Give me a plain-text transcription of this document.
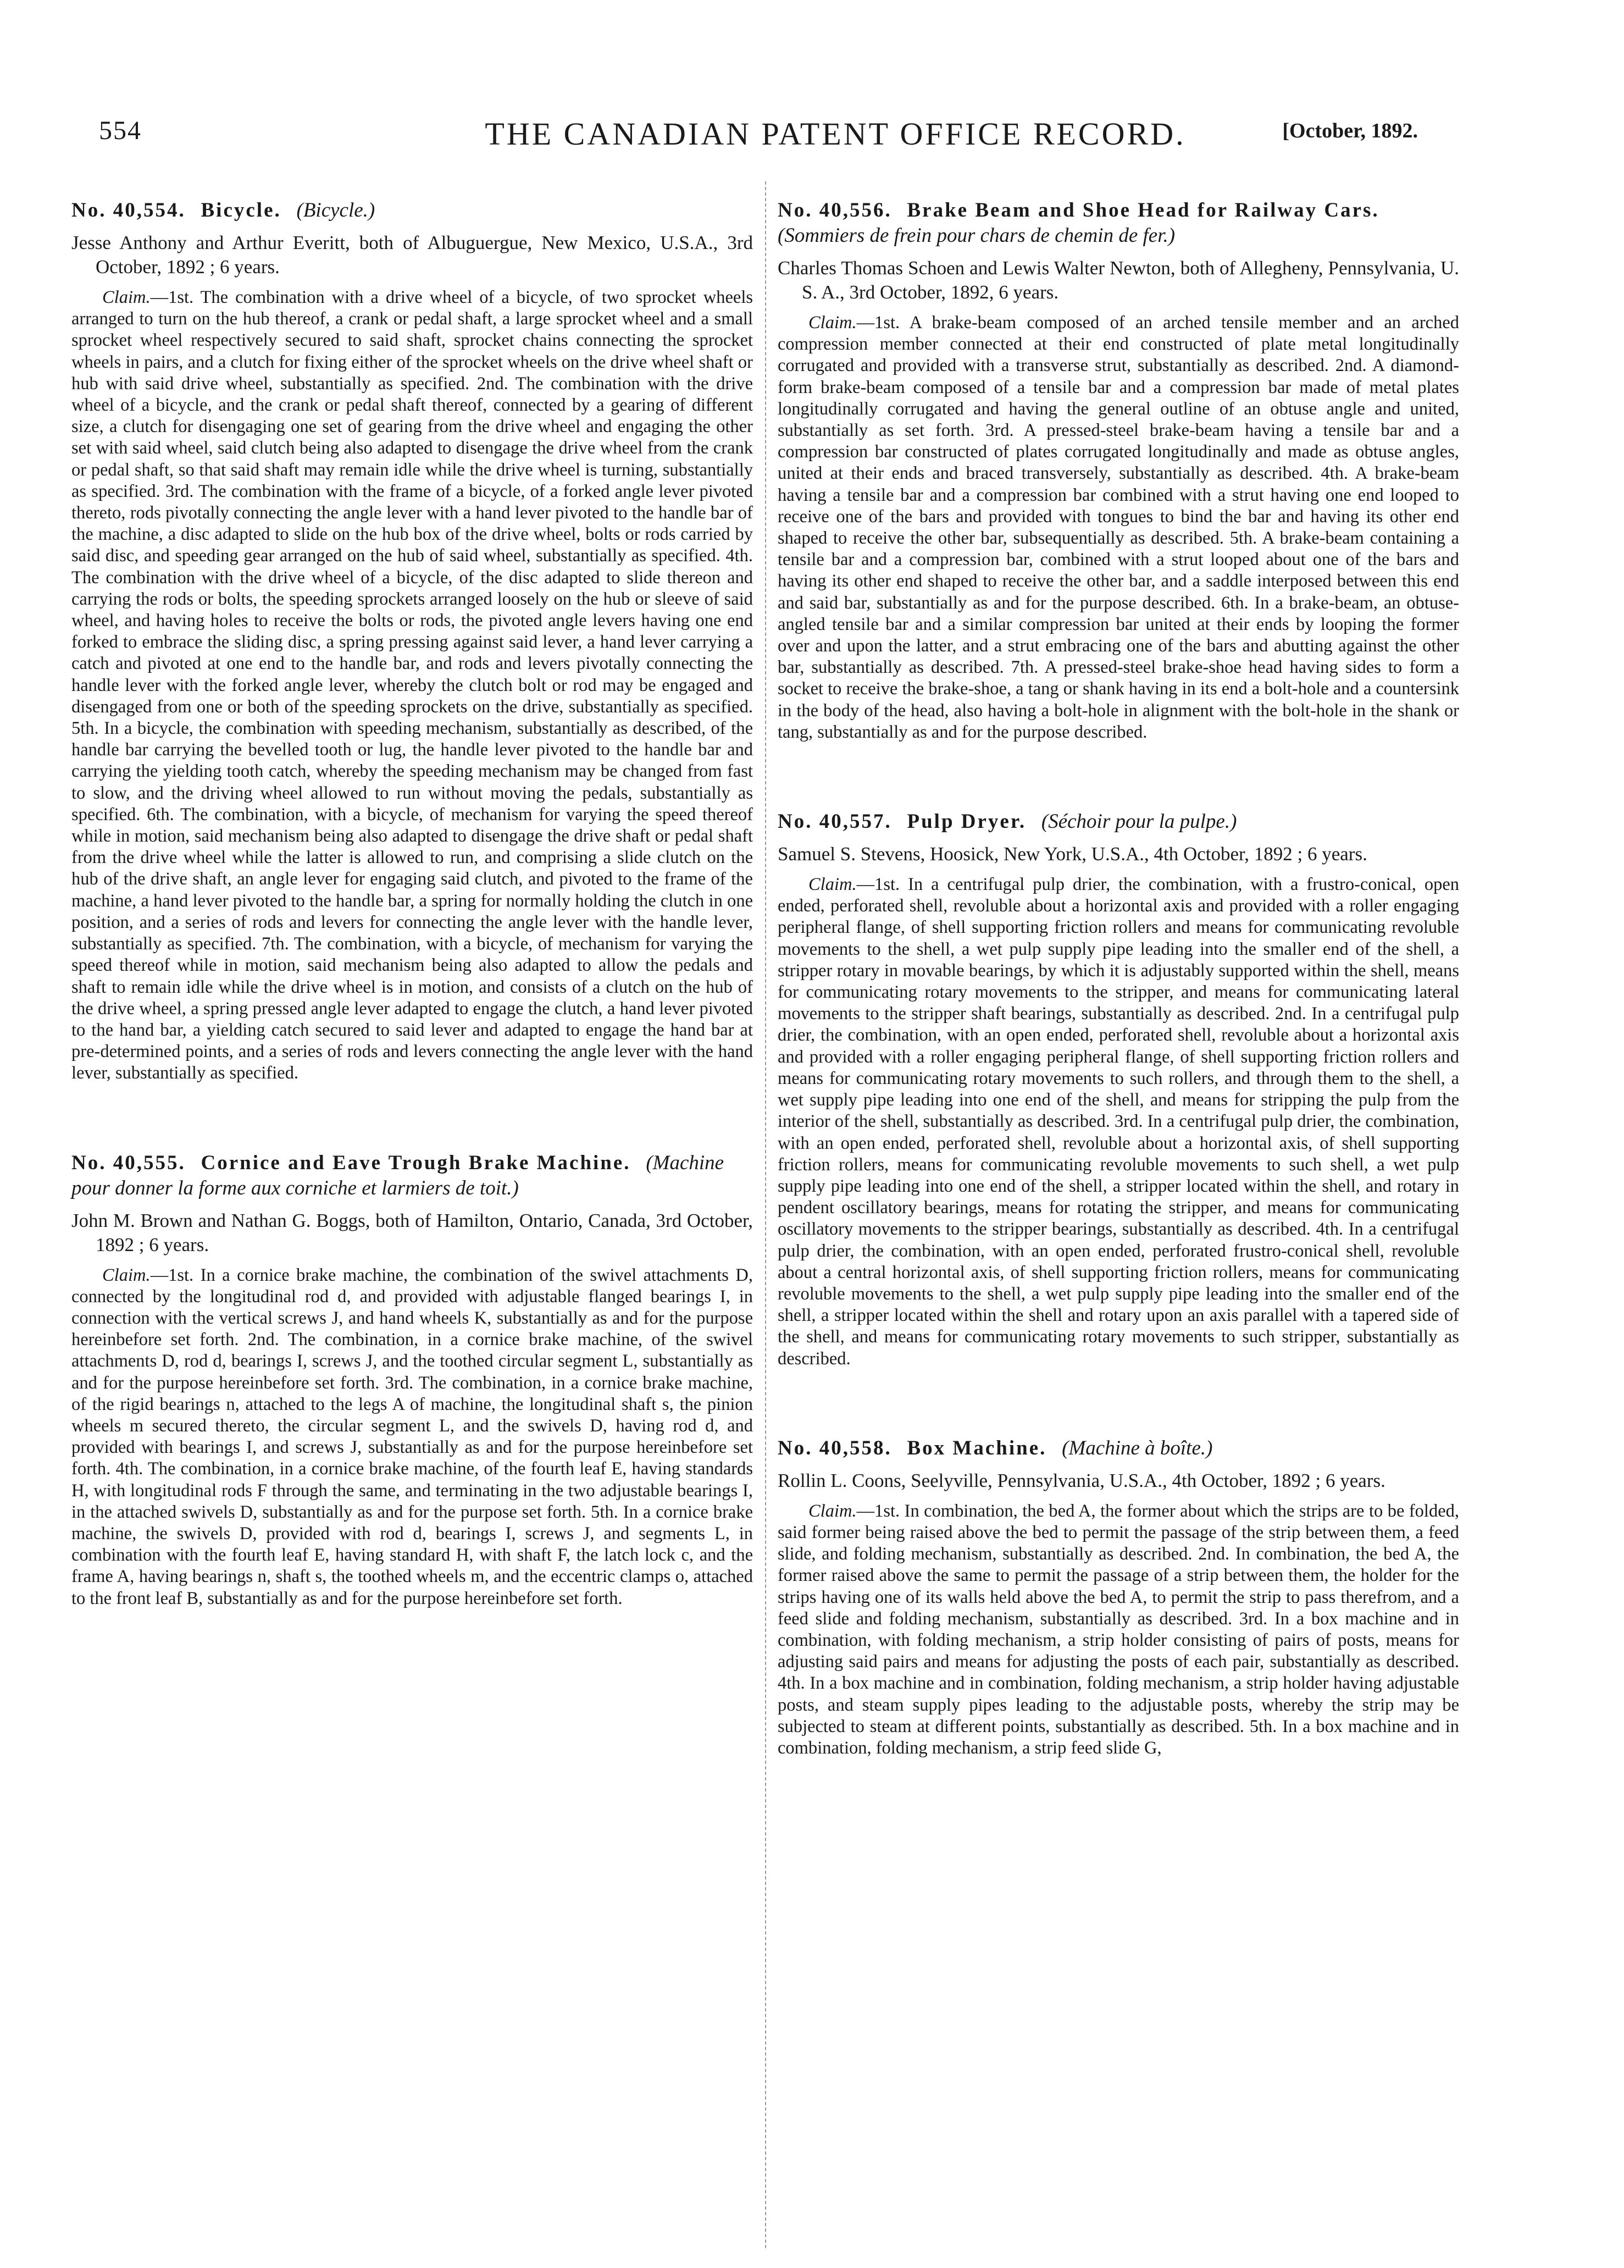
554	THE CANADIAN PATENT OFFICE RECORD.	[October, 1892.

No. 40,554. Bicycle. (Bicycle.)

Jesse Anthony and Arthur Everitt, both of Albuguergue, New Mexico, U.S.A., 3rd October, 1892 ; 6 years.

Claim.—1st. The combination with a drive wheel of a bicycle, of two sprocket wheels arranged to turn on the hub thereof, a crank or pedal shaft, a large sprocket wheel and a small sprocket wheel respectively secured to said shaft, sprocket chains connecting the sprocket wheels in pairs, and a clutch for fixing either of the sprocket wheels on the drive wheel shaft or hub with said drive wheel, substantially as specified. 2nd. The combination with the drive wheel of a bicycle, and the crank or pedal shaft thereof, connected by a gearing of different size, a clutch for disengaging one set of gearing from the drive wheel and engaging the other set with said wheel, said clutch being also adapted to disengage the drive wheel from the crank or pedal shaft, so that said shaft may remain idle while the drive wheel is turning, substantially as specified. 3rd. The combination with the frame of a bicycle, of a forked angle lever pivoted thereto, rods pivotally connecting the angle lever with a hand lever pivoted to the handle bar of the machine, a disc adapted to slide on the hub box of the drive wheel, bolts or rods carried by said disc, and speeding gear arranged on the hub of said wheel, substantially as specified. 4th. The combination with the drive wheel of a bicycle, of the disc adapted to slide thereon and carrying the rods or bolts, the speeding sprockets arranged loosely on the hub or sleeve of said wheel, and having holes to receive the bolts or rods, the pivoted angle levers having one end forked to embrace the sliding disc, a spring pressing against said lever, a hand lever carrying a catch and pivoted at one end to the handle bar, and rods and levers pivotally connecting the handle lever with the forked angle lever, whereby the clutch bolt or rod may be engaged and disengaged from one or both of the speeding sprockets on the drive, substantially as specified. 5th. In a bicycle, the combination with speeding mechanism, substantially as described, of the handle bar carrying the bevelled tooth or lug, the handle lever pivoted to the handle bar and carrying the yielding tooth catch, whereby the speeding mechanism may be changed from fast to slow, and the driving wheel allowed to run without moving the pedals, substantially as specified. 6th. The combination, with a bicycle, of mechanism for varying the speed thereof while in motion, said mechanism being also adapted to disengage the drive shaft or pedal shaft from the drive wheel while the latter is allowed to run, and comprising a slide clutch on the hub of the drive shaft, an angle lever for engaging said clutch, and pivoted to the frame of the machine, a hand lever pivoted to the handle bar, a spring for normally holding the clutch in one position, and a series of rods and levers for connecting the angle lever with the handle lever, substantially as specified. 7th. The combination, with a bicycle, of mechanism for varying the speed thereof while in motion, said mechanism being also adapted to allow the pedals and shaft to remain idle while the drive wheel is in motion, and consists of a clutch on the hub of the drive wheel, a spring pressed angle lever adapted to engage the clutch, a hand lever pivoted to the hand bar, a yielding catch secured to said lever and adapted to engage the hand bar at pre-determined points, and a series of rods and levers connecting the angle lever with the hand lever, substantially as specified.

No. 40,555. Cornice and Eave Trough Brake Machine. (Machine pour donner la forme aux corniche et larmiers de toit.)

John M. Brown and Nathan G. Boggs, both of Hamilton, Ontario, Canada, 3rd October, 1892 ; 6 years.

Claim.—1st. In a cornice brake machine, the combination of the swivel attachments D, connected by the longitudinal rod d, and provided with adjustable flanged bearings I, in connection with the vertical screws J, and hand wheels K, substantially as and for the purpose hereinbefore set forth. 2nd. The combination, in a cornice brake machine, of the swivel attachments D, rod d, bearings I, screws J, and the toothed circular segment L, substantially as and for the purpose hereinbefore set forth. 3rd. The combination, in a cornice brake machine, of the rigid bearings n, attached to the legs A of machine, the longitudinal shaft s, the pinion wheels m secured thereto, the circular segment L, and the swivels D, having rod d, and provided with bearings I, and screws J, substantially as and for the purpose hereinbefore set forth. 4th. The combination, in a cornice brake machine, of the fourth leaf E, having standards H, with longitudinal rods F through the same, and terminating in the two adjustable bearings I, in the attached swivels D, substantially as and for the purpose set forth. 5th. In a cornice brake machine, the swivels D, provided with rod d, bearings I, screws J, and segments L, in combination with the fourth leaf E, having standard H, with shaft F, the latch lock c, and the frame A, having bearings n, shaft s, the toothed wheels m, and the eccentric clamps o, attached to the front leaf B, substantially as and for the purpose hereinbefore set forth.

No. 40,556. Brake Beam and Shoe Head for Railway Cars.   (Sommiers de frein pour chars de chemin de fer.)

Charles Thomas Schoen and Lewis Walter Newton, both of Allegheny, Pennsylvania, U. S. A., 3rd October, 1892, 6 years.

Claim.—1st. A brake-beam composed of an arched tensile member and an arched compression member connected at their end constructed of plate metal longitudinally corrugated and provided with a transverse strut, substantially as described. 2nd. A diamond-form brake-beam composed of a tensile bar and a compression bar made of metal plates longitudinally corrugated and having the general outline of an obtuse angle and united, substantially as set forth. 3rd. A pressed-steel brake-beam having a tensile bar and a compression bar constructed of plates corrugated longitudinally and made as obtuse angles, united at their ends and braced transversely, substantially as described. 4th. A brake-beam having a tensile bar and a compression bar combined with a strut having one end looped to receive one of the bars and provided with tongues to bind the bar and having its other end shaped to receive the other bar, subsequentially as described. 5th. A brake-beam containing a tensile bar and a compression bar, combined with a strut looped about one of the bars and having its other end shaped to receive the other bar, and a saddle interposed between this end and said bar, substantially as and for the purpose described. 6th. In a brake-beam, an obtuse-angled tensile bar and a similar compression bar united at their ends by looping the former over and upon the latter, and a strut embracing one of the bars and abutting against the other bar, substantially as described. 7th. A pressed-steel brake-shoe head having sides to form a socket to receive the brake-shoe, a tang or shank having in its end a bolt-hole and a countersink in the body of the head, also having a bolt-hole in alignment with the bolt-hole in the shank or tang, substantially as and for the purpose described.

No. 40,557. Pulp Dryer. (Séchoir pour la pulpe.)

Samuel S. Stevens, Hoosick, New York, U.S.A., 4th October, 1892 ; 6 years.

Claim.—1st. In a centrifugal pulp drier, the combination, with a frustro-conical, open ended, perforated shell, revoluble about a horizontal axis and provided with a roller engaging peripheral flange, of shell supporting friction rollers and means for communicating revoluble movements to the shell, a wet pulp supply pipe leading into the smaller end of the shell, a stripper rotary in movable bearings, by which it is adjustably supported within the shell, means for communicating rotary movements to the stripper, and means for communicating lateral movements to the stripper shaft bearings, substantially as described. 2nd. In a centrifugal pulp drier, the combination, with an open ended, perforated shell, revoluble about a horizontal axis and provided with a roller engaging peripheral flange, of shell supporting friction rollers and means for communicating rotary movements to such rollers, and through them to the shell, a wet supply pipe leading into one end of the shell, and means for stripping the pulp from the interior of the shell, substantially as described. 3rd. In a centrifugal pulp drier, the combination, with an open ended, perforated shell, revoluble about a horizontal axis, of shell supporting friction rollers, means for communicating revoluble movements to such shell, a wet pulp supply pipe leading into one end of the shell, a stripper located within the shell, and rotary in pendent oscillatory bearings, means for rotating the stripper, and means for communicating oscillatory movements to the stripper bearings, substantially as described. 4th. In a centrifugal pulp drier, the combination, with an open ended, perforated frustro-conical shell, revoluble about a central horizontal axis, of shell supporting friction rollers, means for communicating revoluble movements to the shell, a wet pulp supply pipe leading into the smaller end of the shell, a stripper located within the shell and rotary upon an axis parallel with a tapered side of the shell, and means for communicating rotary movements to such stripper, substantially as described.

No. 40,558. Box Machine. (Machine à boîte.)

Rollin L. Coons, Seelyville, Pennsylvania, U.S.A., 4th October, 1892 ; 6 years.

Claim.—1st. In combination, the bed A, the former about which the strips are to be folded, said former being raised above the bed to permit the passage of the strip between them, a feed slide, and folding mechanism, substantially as described. 2nd. In combination, the bed A, the former raised above the same to permit the passage of a strip between them, the holder for the strips having one of its walls held above the bed A, to permit the strip to pass therefrom, and a feed slide and folding mechanism, substantially as described. 3rd. In a box machine and in combination, with folding mechanism, a strip holder consisting of pairs of posts, means for adjusting said pairs and means for adjusting the posts of each pair, substantially as described. 4th. In a box machine and in combination, folding mechanism, a strip holder having adjustable posts, and steam supply pipes leading to the adjustable posts, whereby the strip may be subjected to steam at different points, substantially as described. 5th. In a box machine and in combination, folding mechanism, a strip feed slide G,
